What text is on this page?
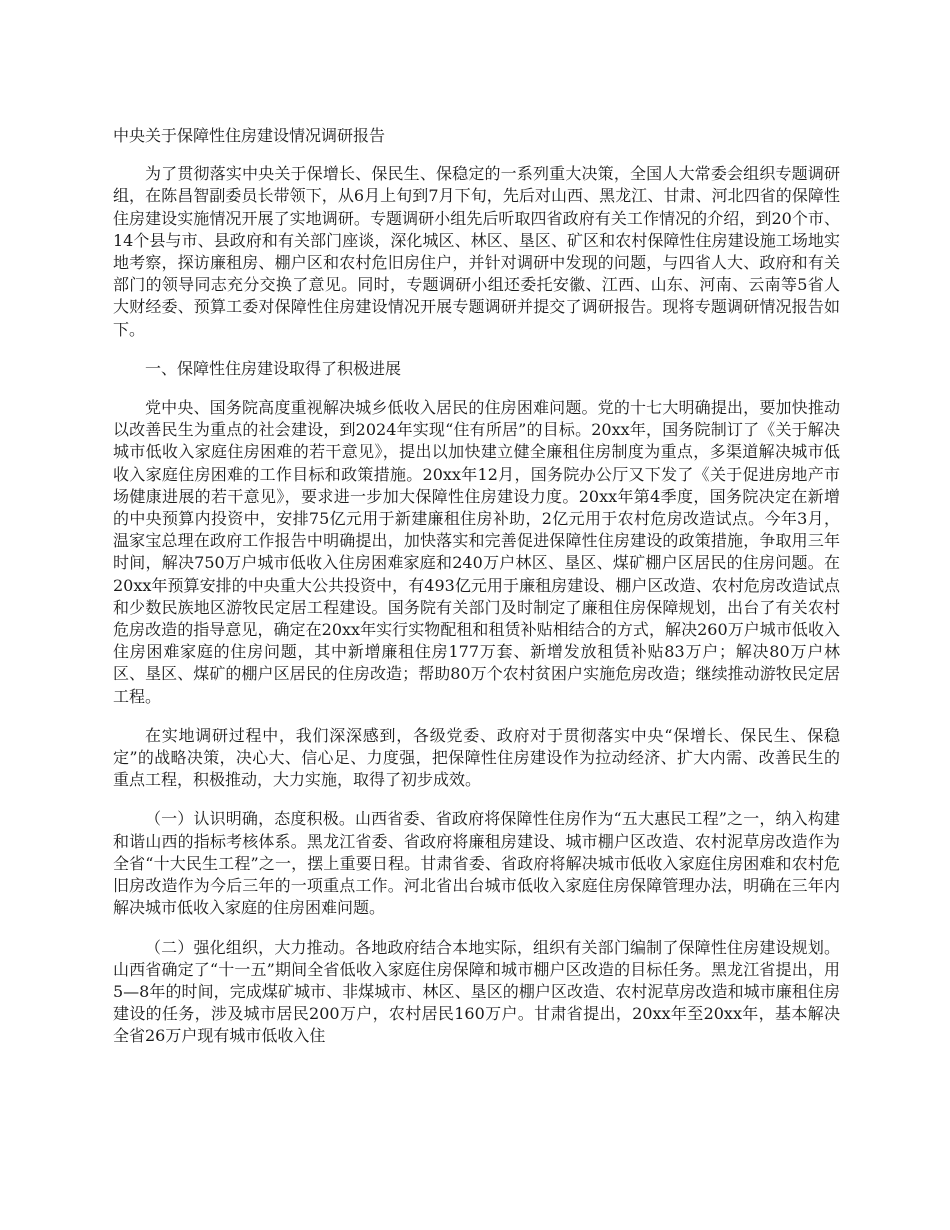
中央关于保障性住房建设情况调研报告

为了贯彻落实中央关于保增长、保民生、保稳定的一系列重大决策，全国人大常委会组织专题调研组，在陈昌智副委员长带领下，从6月上旬到7月下旬，先后对山西、黑龙江、甘肃、河北四省的保障性住房建设实施情况开展了实地调研。专题调研小组先后听取四省政府有关工作情况的介绍，到20个市、14个县与市、县政府和有关部门座谈，深化城区、林区、垦区、矿区和农村保障性住房建设施工场地实地考察，探访廉租房、棚户区和农村危旧房住户，并针对调研中发现的问题，与四省人大、政府和有关部门的领导同志充分交换了意见。同时，专题调研小组还委托安徽、江西、山东、河南、云南等5省人大财经委、预算工委对保障性住房建设情况开展专题调研并提交了调研报告。现将专题调研情况报告如下。

一、保障性住房建设取得了积极进展

党中央、国务院高度重视解决城乡低收入居民的住房困难问题。党的十七大明确提出，要加快推动以改善民生为重点的社会建设，到2024年实现“住有所居”的目标。20xx年，国务院制订了《关于解决城市低收入家庭住房困难的若干意见》，提出以加快建立健全廉租住房制度为重点，多渠道解决城市低收入家庭住房困难的工作目标和政策措施。20xx年12月，国务院办公厅又下发了《关于促进房地产市场健康进展的若干意见》，要求进一步加大保障性住房建设力度。20xx年第4季度，国务院决定在新增的中央预算内投资中，安排75亿元用于新建廉租住房补助，2亿元用于农村危房改造试点。今年3月，温家宝总理在政府工作报告中明确提出，加快落实和完善促进保障性住房建设的政策措施，争取用三年时间，解决750万户城市低收入住房困难家庭和240万户林区、垦区、煤矿棚户区居民的住房问题。在20xx年预算安排的中央重大公共投资中，有493亿元用于廉租房建设、棚户区改造、农村危房改造试点和少数民族地区游牧民定居工程建设。国务院有关部门及时制定了廉租住房保障规划，出台了有关农村危房改造的指导意见，确定在20xx年实行实物配租和租赁补贴相结合的方式，解决260万户城市低收入住房困难家庭的住房问题，其中新增廉租住房177万套、新增发放租赁补贴83万户；解决80万户林区、垦区、煤矿的棚户区居民的住房改造；帮助80万个农村贫困户实施危房改造；继续推动游牧民定居工程。

在实地调研过程中，我们深深感到，各级党委、政府对于贯彻落实中央“保增长、保民生、保稳定”的战略决策，决心大、信心足、力度强，把保障性住房建设作为拉动经济、扩大内需、改善民生的重点工程，积极推动，大力实施，取得了初步成效。

（一）认识明确，态度积极。山西省委、省政府将保障性住房作为“五大惠民工程”之一，纳入构建和谐山西的指标考核体系。黑龙江省委、省政府将廉租房建设、城市棚户区改造、农村泥草房改造作为全省“十大民生工程”之一，摆上重要日程。甘肃省委、省政府将解决城市低收入家庭住房困难和农村危旧房改造作为今后三年的一项重点工作。河北省出台城市低收入家庭住房保障管理办法，明确在三年内解决城市低收入家庭的住房困难问题。

（二）强化组织，大力推动。各地政府结合本地实际，组织有关部门编制了保障性住房建设规划。山西省确定了“十一五”期间全省低收入家庭住房保障和城市棚户区改造的目标任务。黑龙江省提出，用5—8年的时间，完成煤矿城市、非煤城市、林区、垦区的棚户区改造、农村泥草房改造和城市廉租住房建设的任务，涉及城市居民200万户，农村居民160万户。甘肃省提出，20xx年至20xx年，基本解决全省26万户现有城市低收入住
